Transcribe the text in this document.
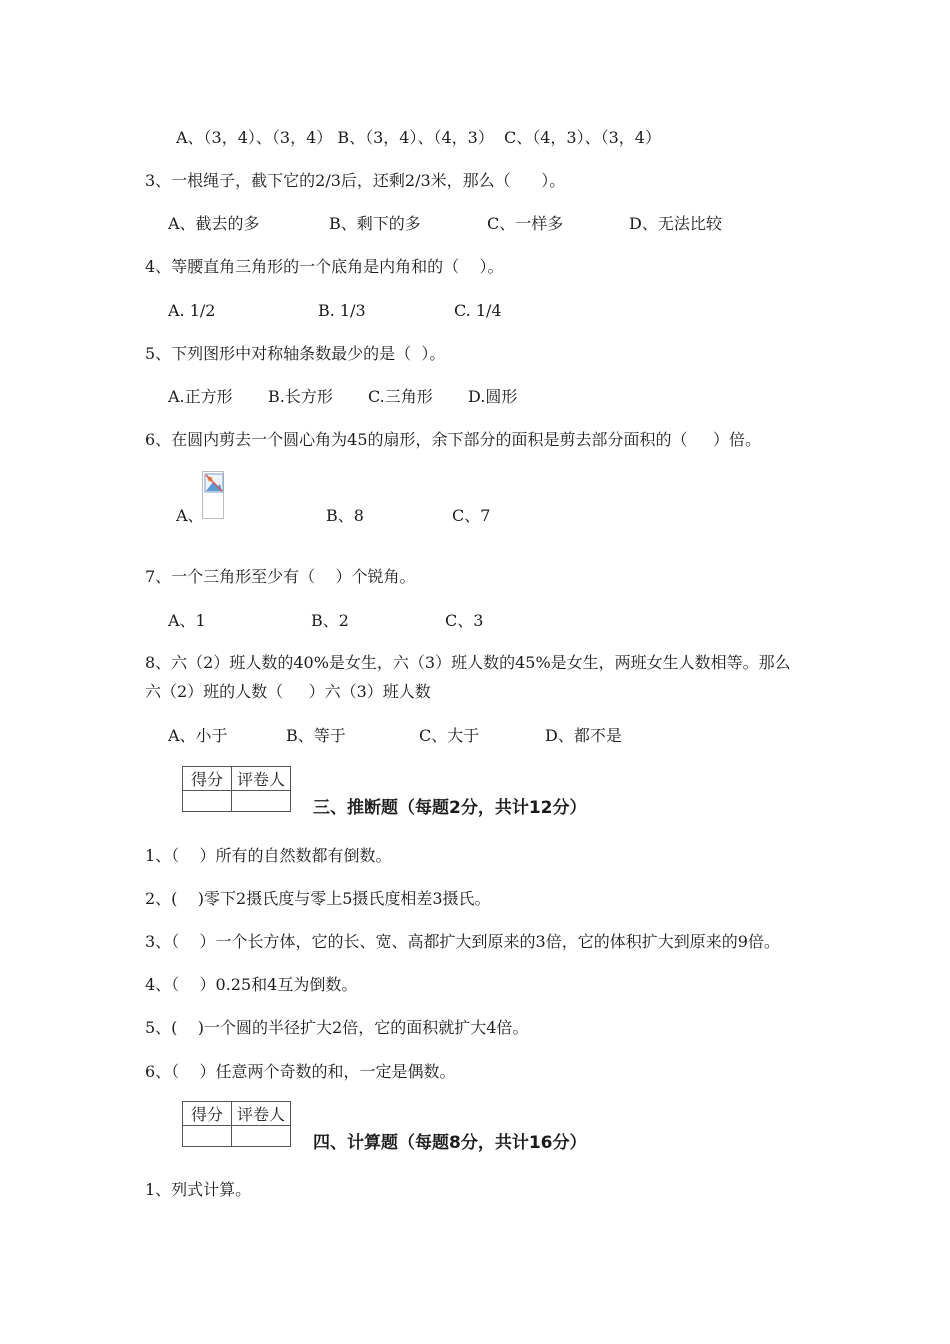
A、（3，4）、（3，4） B、（3，4）、（4，3）  C、（4，3）、（3，4）
3、一根绳子，截下它的2/3后，还剩2/3米，那么（      ）。
A、截去的多	B、剩下的多	C、一样多	D、无法比较
4、等腰直角三角形的一个底角是内角和的（    ）。
A. 1/2	B. 1/3	C. 1/4
5、下列图形中对称轴条数最少的是（  ）。
A.正方形 B.长方形 C.三角形 D.圆形
6、在圆内剪去一个圆心角为45的扇形，余下部分的面积是剪去部分面积的（     ）倍。
A、	B、8	C、7
7、一个三角形至少有（    ）个锐角。
A、1	B、2	C、3
8、六（2）班人数的40%是女生，六（3）班人数的45%是女生，两班女生人数相等。那么
六（2）班的人数（     ）六（3）班人数
A、小于	B、等于	C、大于	D、都不是
得分	评卷人

三、推断题（每题2分，共计12分）
1、（    ）所有的自然数都有倒数。
2、(    )零下2摄氏度与零上5摄氏度相差3摄氏。
3、（    ）一个长方体，它的长、宽、高都扩大到原来的3倍，它的体积扩大到原来的9倍。
4、（    ）0.25和4互为倒数。
5、(    )一个圆的半径扩大2倍，它的面积就扩大4倍。
6、（    ）任意两个奇数的和，一定是偶数。
得分	评卷人

四、计算题（每题8分，共计16分）
1、列式计算。
